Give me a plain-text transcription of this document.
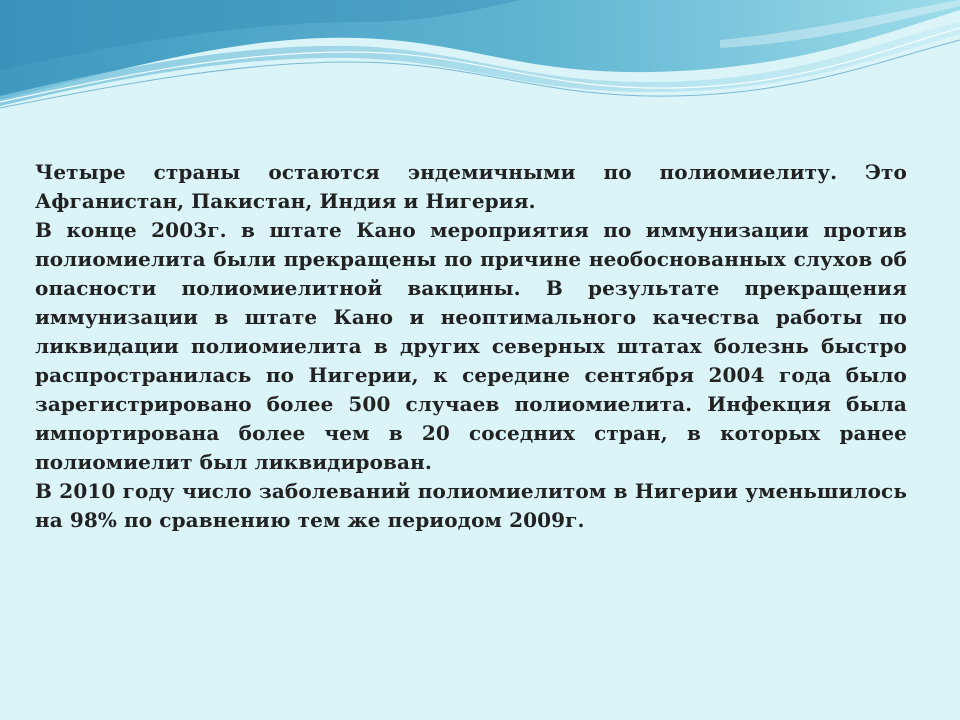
Четыре страны остаются эндемичными по полиомиелиту. Это Афганистан, Пакистан, Индия и Нигерия.

В конце 2003г. в штате Кано мероприятия по иммунизации против полиомиелита были прекращены по причине необоснованных слухов об опасности полиомиелитной вакцины. В результате прекращения иммунизации в штате Кано и неоптимального качества работы по ликвидации полиомиелита в других северных штатах болезнь быстро распространилась по Нигерии, к середине сентября 2004 года было зарегистрировано более 500 случаев полиомиелита. Инфекция была импортирована более чем в 20 соседних стран, в которых ранее полиомиелит был ликвидирован.

В 2010 году число заболеваний полиомиелитом в Нигерии уменьшилось на 98% по сравнению тем же периодом 2009г.
